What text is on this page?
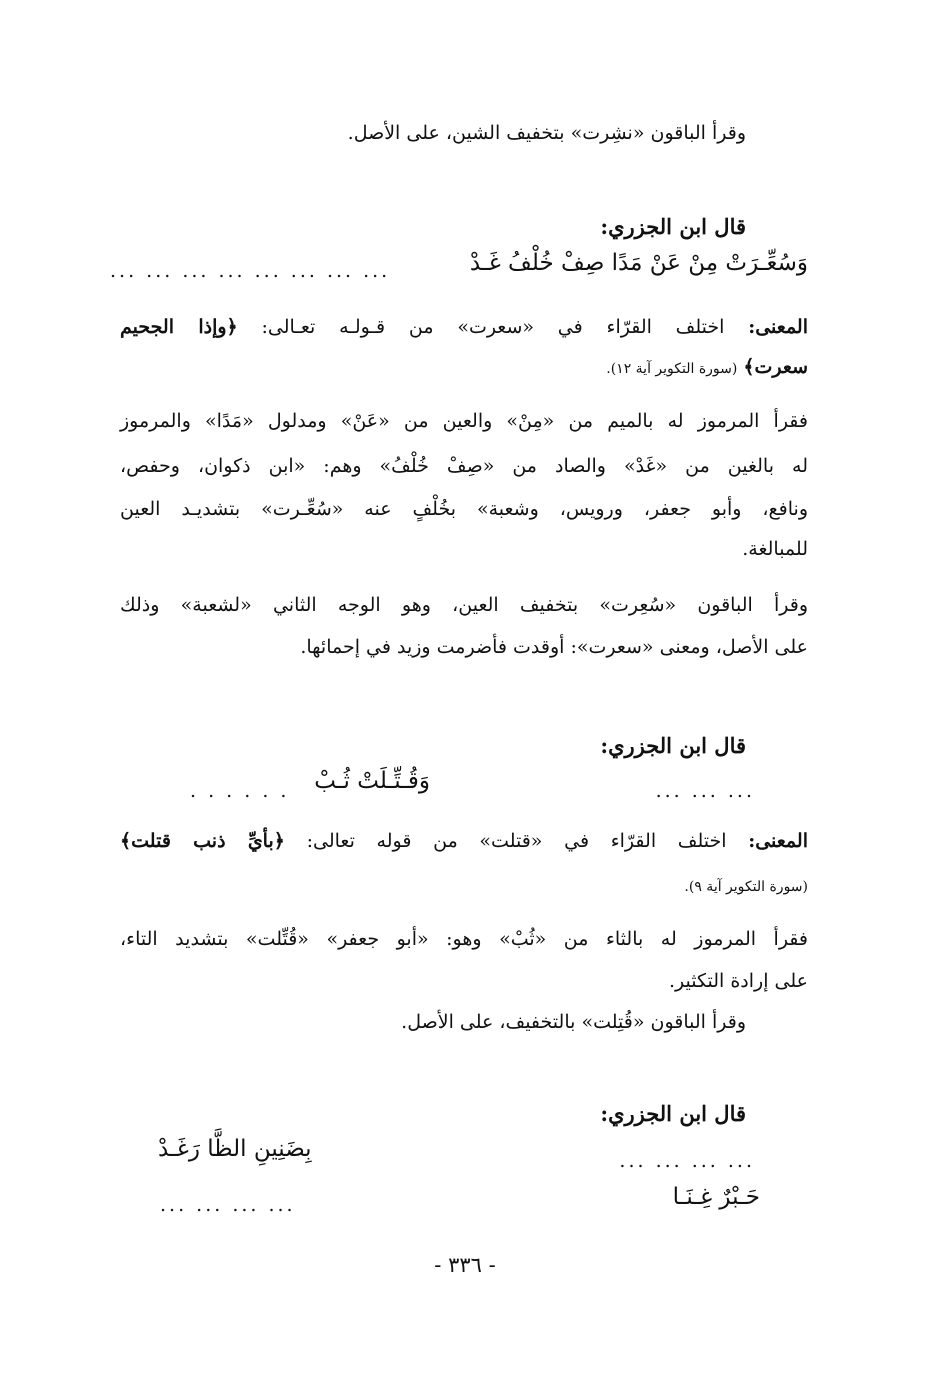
وقرأ الباقون «نشِرت» بتخفيف الشين، على الأصل.
قال ابن الجزري:
وَسُعِّـرَتْ مِنْ عَنْ مَدًا صِفْ خُلْفُ غَـدْ
... ... ... ... ... ... ... ...
المعنى: اختلف القرّاء في «سعرت» من قـولـه تعـالى: ﴿وإذا الجحيم
سعرت﴾ (سورة التكوير آية ١٢).
فقرأ المرموز له بالميم من «مِنْ» والعين من «عَنْ» ومدلول «مَدًا» والمرموز
له بالغين من «غَدْ» والصاد من «صِفْ خُلْفُ» وهم: «ابن ذكوان، وحفص،
ونافع، وأبو جعفر، ورويس، وشعبة» بخُلْفٍ عنه «سُعِّـرت» بتشديـد العين
للمبالغة.
وقرأ الباقون «سُعِرت» بتخفيف العين، وهو الوجه الثاني «لشعبة» وذلك
على الأصل، ومعنى «سعرت»: أوقدت فأضرمت وزيد في إحمائها.
قال ابن الجزري:
... ... ...
وَقُـتِّـلَتْ ثُـبْ
. . . . . .
المعنى: اختلف القرّاء في «قتلت» من قوله تعالى: ﴿بأيِّ ذنب قتلت﴾
(سورة التكوير آية ٩).
فقرأ المرموز له بالثاء من «ثُبْ» وهو: «أبو جعفر» «قُتِّلت» بتشديد التاء،
على إرادة التكثير.
وقرأ الباقون «قُتِلت» بالتخفيف، على الأصل.
قال ابن الجزري:
... ... ... ...
بِضَنِينِ الظَّا رَغَـدْ
حَـبْرٌ غِـنَـا
... ... ... ...
- ٣٣٦ -
